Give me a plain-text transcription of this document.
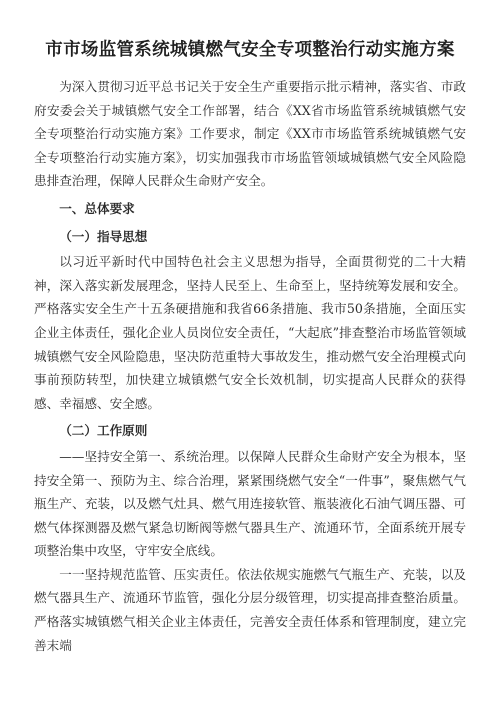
市市场监管系统城镇燃气安全专项整治行动实施方案

为深入贯彻习近平总书记关于安全生产重要指示批示精神，落实省、市政府安委会关于城镇燃气安全工作部署，结合《XX省市场监管系统城镇燃气安全专项整治行动实施方案》工作要求，制定《XX市市场监管系统城镇燃气安全专项整治行动实施方案》，切实加强我市市场监管领域城镇燃气安全风险隐患排查治理，保障人民群众生命财产安全。

一、总体要求

（一）指导思想

以习近平新时代中国特色社会主义思想为指导，全面贯彻党的二十大精神，深入落实新发展理念，坚持人民至上、生命至上，坚持统筹发展和安全。严格落实安全生产十五条硬措施和我省66条措施、我市50条措施，全面压实企业主体责任，强化企业人员岗位安全责任，“大起底”排查整治市场监管领域城镇燃气安全风险隐患，坚决防范重特大事故发生，推动燃气安全治理模式向事前预防转型，加快建立城镇燃气安全长效机制，切实提高人民群众的获得感、幸福感、安全感。

（二）工作原则

——坚持安全第一、系统治理。以保障人民群众生命财产安全为根本，坚持安全第一、预防为主、综合治理，紧紧围绕燃气安全“一件事”，聚焦燃气气瓶生产、充装，以及燃气灶具、燃气用连接软管、瓶装液化石油气调压器、可燃气体探测器及燃气紧急切断阀等燃气器具生产、流通环节，全面系统开展专项整治集中攻坚，守牢安全底线。

一一坚持规范监管、压实责任。依法依规实施燃气气瓶生产、充装，以及燃气器具生产、流通环节监管，强化分层分级管理，切实提高排查整治质量。严格落实城镇燃气相关企业主体责任，完善安全责任体系和管理制度，建立完善末端
